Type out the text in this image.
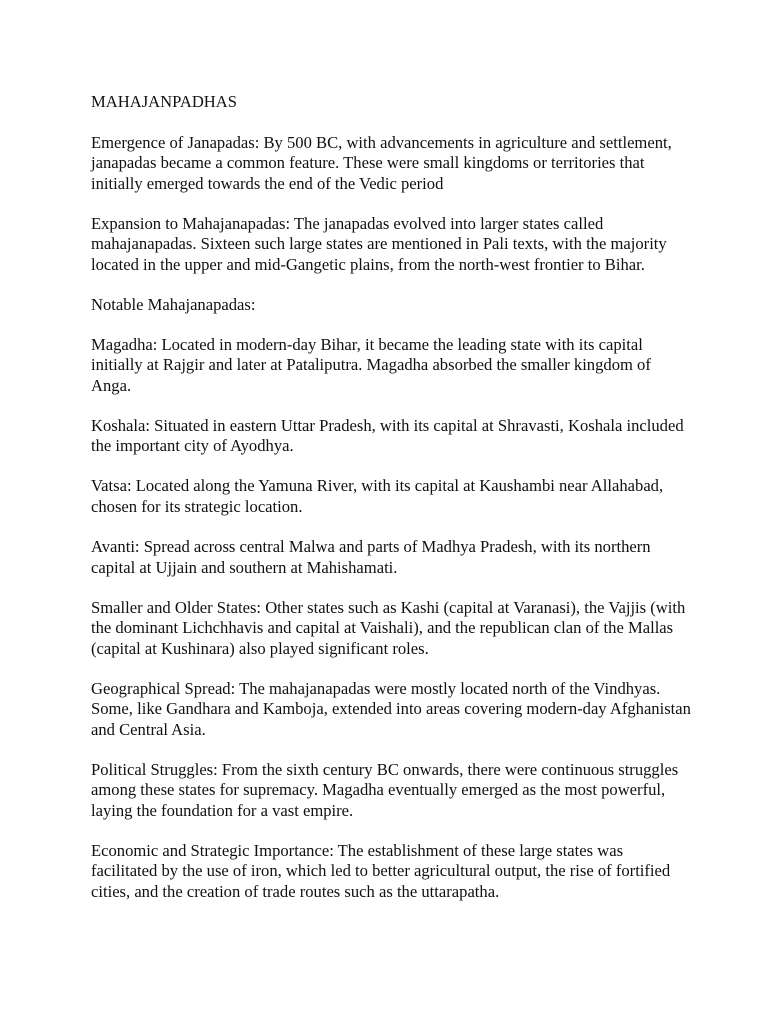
MAHAJANPADHAS

Emergence of Janapadas: By 500 BC, with advancements in agriculture and settlement, janapadas became a common feature. These were small kingdoms or territories that initially emerged towards the end of the Vedic period

Expansion to Mahajanapadas: The janapadas evolved into larger states called mahajanapadas. Sixteen such large states are mentioned in Pali texts, with the majority located in the upper and mid-Gangetic plains, from the north-west frontier to Bihar.

Notable Mahajanapadas:

Magadha: Located in modern-day Bihar, it became the leading state with its capital initially at Rajgir and later at Pataliputra. Magadha absorbed the smaller kingdom of Anga.

Koshala: Situated in eastern Uttar Pradesh, with its capital at Shravasti, Koshala included the important city of Ayodhya.

Vatsa: Located along the Yamuna River, with its capital at Kaushambi near Allahabad, chosen for its strategic location.

Avanti: Spread across central Malwa and parts of Madhya Pradesh, with its northern capital at Ujjain and southern at Mahishamati.

Smaller and Older States: Other states such as Kashi (capital at Varanasi), the Vajjis (with the dominant Lichchhavis and capital at Vaishali), and the republican clan of the Mallas (capital at Kushinara) also played significant roles.

Geographical Spread: The mahajanapadas were mostly located north of the Vindhyas. Some, like Gandhara and Kamboja, extended into areas covering modern-day Afghanistan and Central Asia.

Political Struggles: From the sixth century BC onwards, there were continuous struggles among these states for supremacy. Magadha eventually emerged as the most powerful, laying the foundation for a vast empire.

Economic and Strategic Importance: The establishment of these large states was facilitated by the use of iron, which led to better agricultural output, the rise of fortified cities, and the creation of trade routes such as the uttarapatha.
